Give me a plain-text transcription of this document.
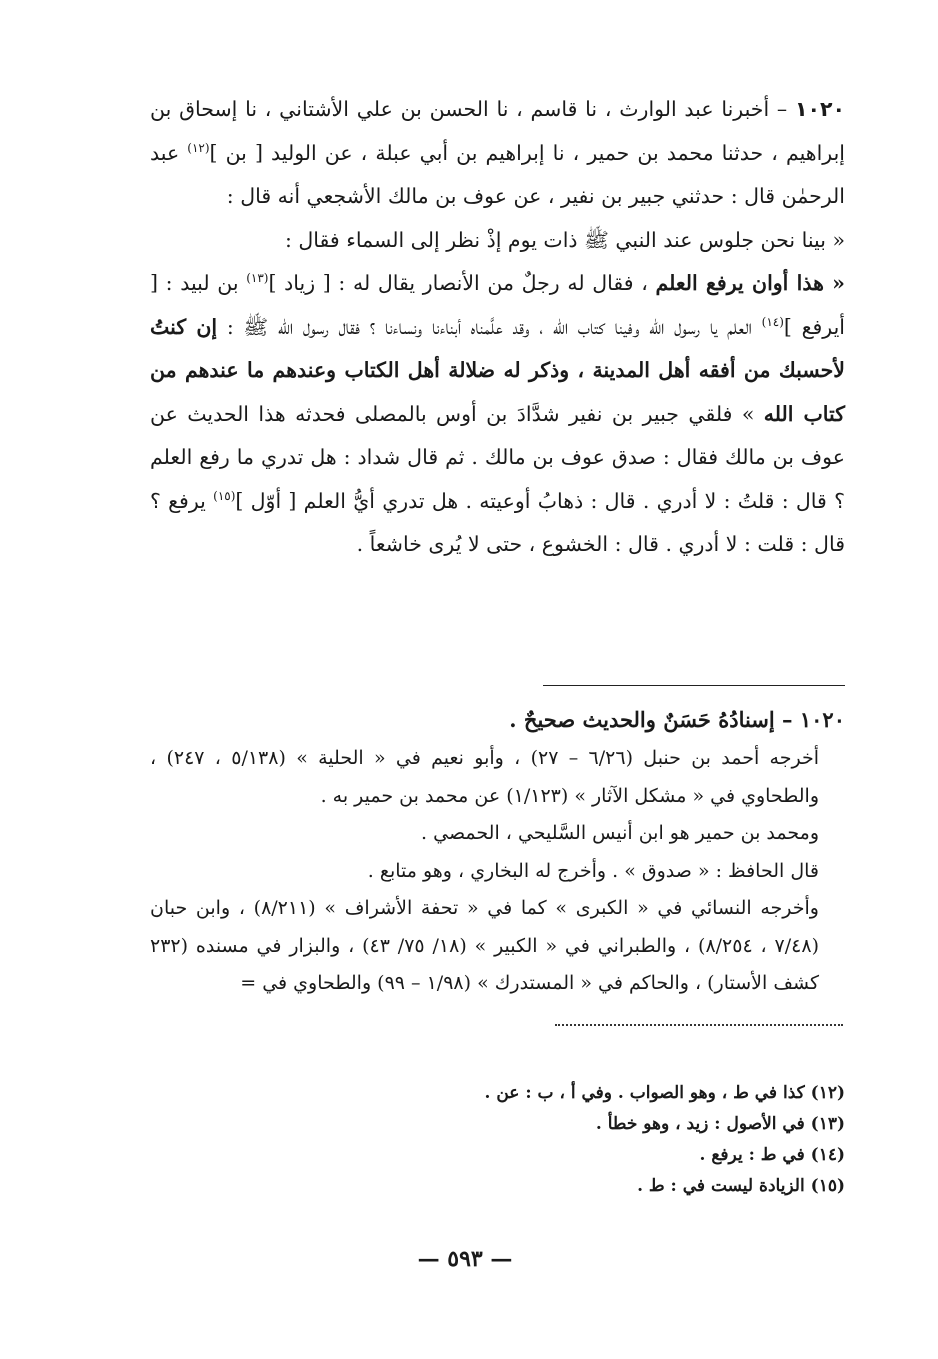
١٠٢٠ – أخبرنا عبد الوارث ، نا قاسم ، نا الحسن بن علي الأشتاني ، نا إسحاق بن إبراهيم ، حدثنا محمد بن حمير ، نا إبراهيم بن أبي عبلة ، عن الوليد [ بن ]$^{(١٢)}$ عبد الرحمٰن قال : حدثني جبير بن نفير ، عن عوف بن مالك الأشجعي أنه قال :

« بينا نحن جلوس عند النبي ﷺ ذات يوم إذْ نظر إلى السماء فقال :

« هذا أوان يرفع العلم ، فقال له رجلٌ من الأنصار يقال له : [ زياد ]$^{(١٣)}$ بن لبيد : [ أيرفع ]$^{(١٤)}$ العلم يا رسول الله وفينا كتاب الله ، وقد علَّمناه أبناءنا ونساءنا ؟ فقال رسول الله ﷺ : إن كنتُ لأحسبك من أفقه أهل المدينة ، وذكر له ضلالة أهل الكتاب وعندهم ما عندهم من كتاب الله » فلقي جبير بن نفير شدَّادَ بن أوس بالمصلى فحدثه هذا الحديث عن عوف بن مالك فقال : صدق عوف بن مالك . ثم قال شداد : هل تدري ما رفع العلم ؟ قال : قلتُ : لا أدري . قال : ذهابُ أوعيته . هل تدري أيُّ العلم [ أوّل ]$^{(١٥)}$ يرفع ؟ قال : قلت : لا أدري . قال : الخشوع ، حتى لا يُرى خاشعاً .

١٠٢٠ – إسنادُهُ حَسَنٌ والحديث صحيحٌ .

أخرجه أحمد بن حنبل (٦/٢٦ – ٢٧) ، وأبو نعيم في « الحلية » (٥/١٣٨ ، ٢٤٧) ، والطحاوي في « مشكل الآثار » (١/١٢٣) عن محمد بن حمير به .

ومحمد بن حمير هو ابن أنيس السَّليحي ، الحمصي .

قال الحافظ : « صدوق » . وأخرج له البخاري ، وهو متابع .

وأخرجه النسائي في « الكبرى » كما في « تحفة الأشراف » (٨/٢١١) ، وابن حبان (٧/٤٨ ، ٨/٢٥٤) ، والطبراني في « الكبير » (١٨/ ٧٥/ ٤٣) ، والبزار في مسنده (٢٣٢ كشف الأستار) ، والحاكم في « المستدرك » (١/٩٨ – ٩٩) والطحاوي في =

(١٢) كذا في ط ، وهو الصواب . وفي أ ، ب : عن .

(١٣) في الأصول : زيد ، وهو خطأ .

(١٤) في ط : يرفع .

(١٥) الزيادة ليست في : ط .

— ٥٩٣ —
